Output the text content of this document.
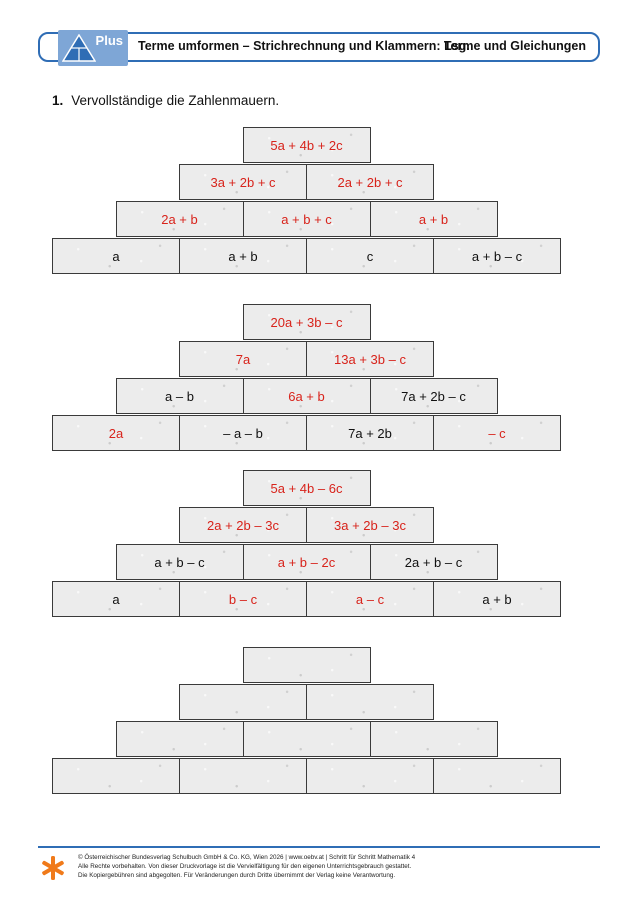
Plus Terme umformen – Strichrechnung und Klammern: Lsg.
Terme und Gleichungen
1. Vervollständige die Zahlenmauern.
5a + 4b + 2c
3a + 2b + c	2a + 2b + c
2a + b	a + b + c	a + b
a	a + b	c	a + b – c
20a + 3b – c
7a	13a + 3b – c
a – b	6a + b	7a + 2b – c
2a	– a – b	7a + 2b	– c
5a + 4b – 6c
2a + 2b – 3c	3a + 2b – 3c
a + b – c	a + b – 2c	2a + b – c
a	b – c	a – c	a + b
© Österreichischer Bundesverlag Schulbuch GmbH & Co. KG, Wien 2026 | www.oebv.at | Schritt für Schritt Mathematik 4
Alle Rechte vorbehalten. Von dieser Druckvorlage ist die Vervielfältigung für den eigenen Unterrichtsgebrauch gestattet.
Die Kopiergebühren sind abgegolten. Für Veränderungen durch Dritte übernimmt der Verlag keine Verantwortung.
